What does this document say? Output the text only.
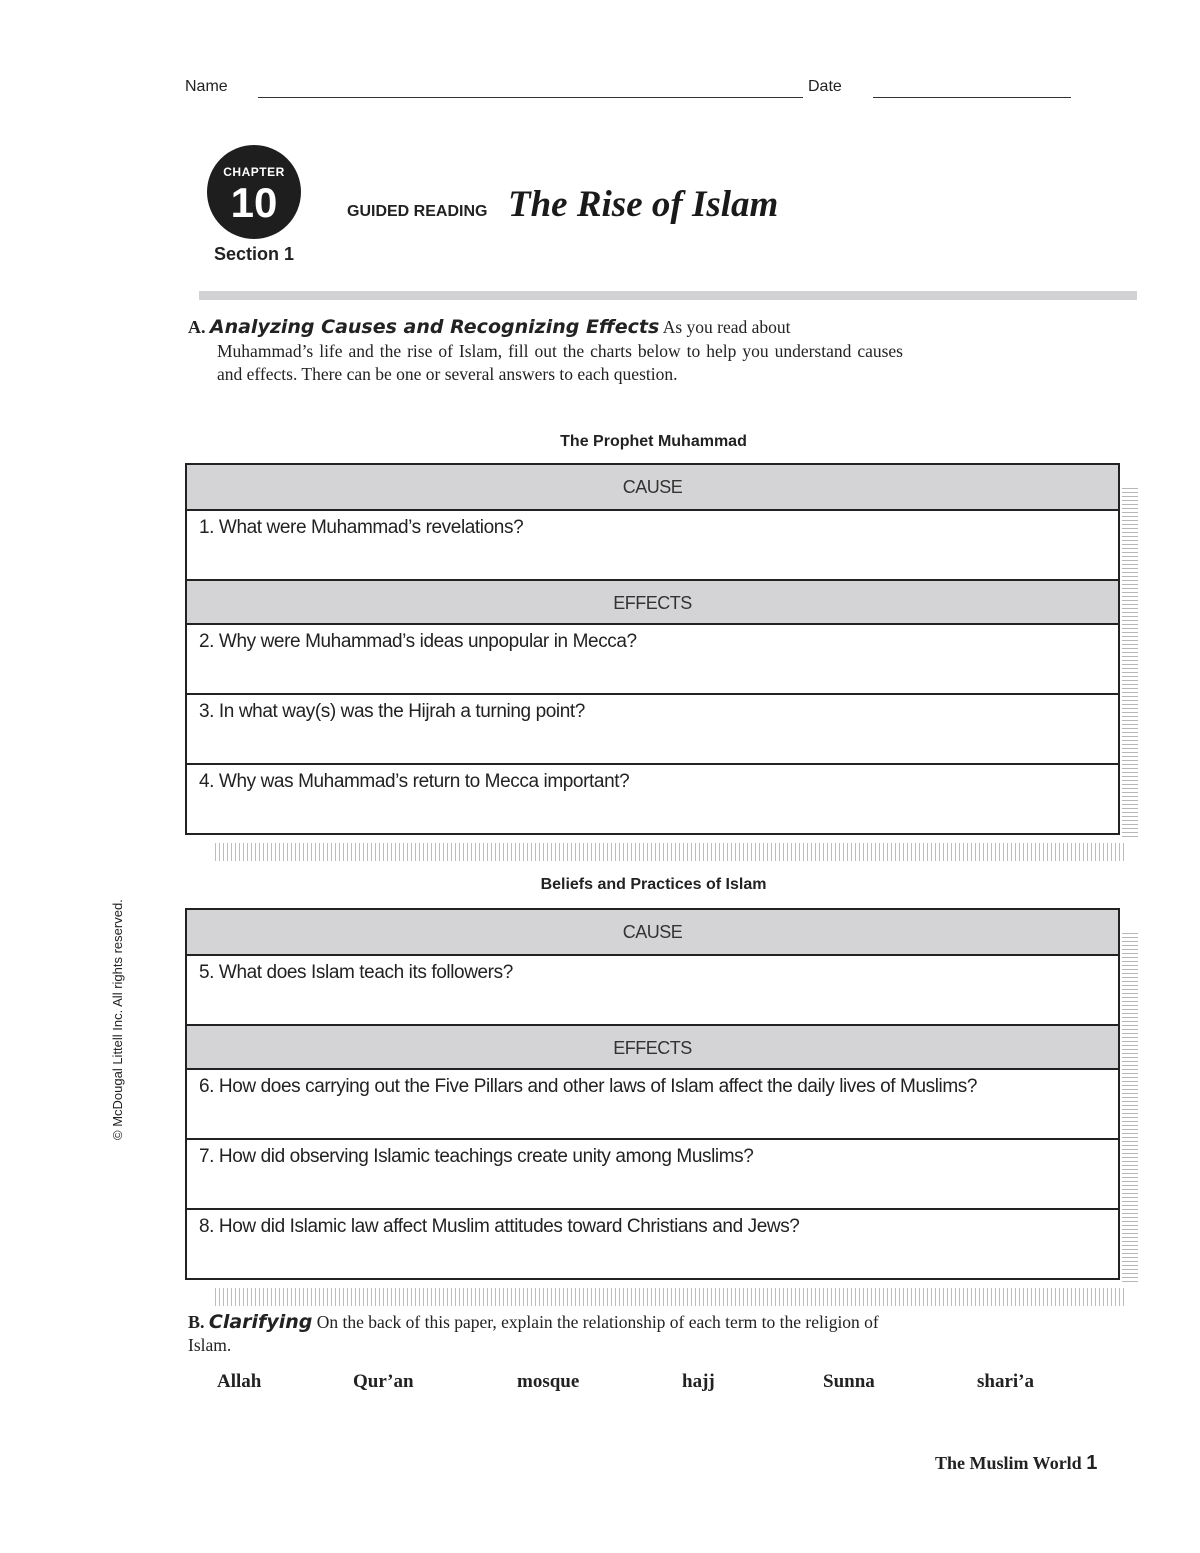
Name	Date
CHAPTER
10
Section 1
GUIDED READING The Rise of Islam
A. Analyzing Causes and Recognizing Effects As you read about
Muhammad’s life and the rise of Islam, fill out the charts below to help you understand causes and effects. There can be one or several answers to each question.
The Prophet Muhammad
CAUSE
1. What were Muhammad’s revelations?
EFFECTS
2. Why were Muhammad’s ideas unpopular in Mecca?
3. In what way(s) was the Hijrah a turning point?
4. Why was Muhammad’s return to Mecca important?
Beliefs and Practices of Islam
CAUSE
5. What does Islam teach its followers?
EFFECTS
6. How does carrying out the Five Pillars and other laws of Islam affect the daily lives of Muslims?
7. How did observing Islamic teachings create unity among Muslims?
8. How did Islamic law affect Muslim attitudes toward Christians and Jews?
B. Clarifying On the back of this paper, explain the relationship of each term to the religion of Islam.
Allah	Qur’an	mosque	hajj	Sunna	shari’a
© McDougal Littell Inc. All rights reserved.
The Muslim World 1
